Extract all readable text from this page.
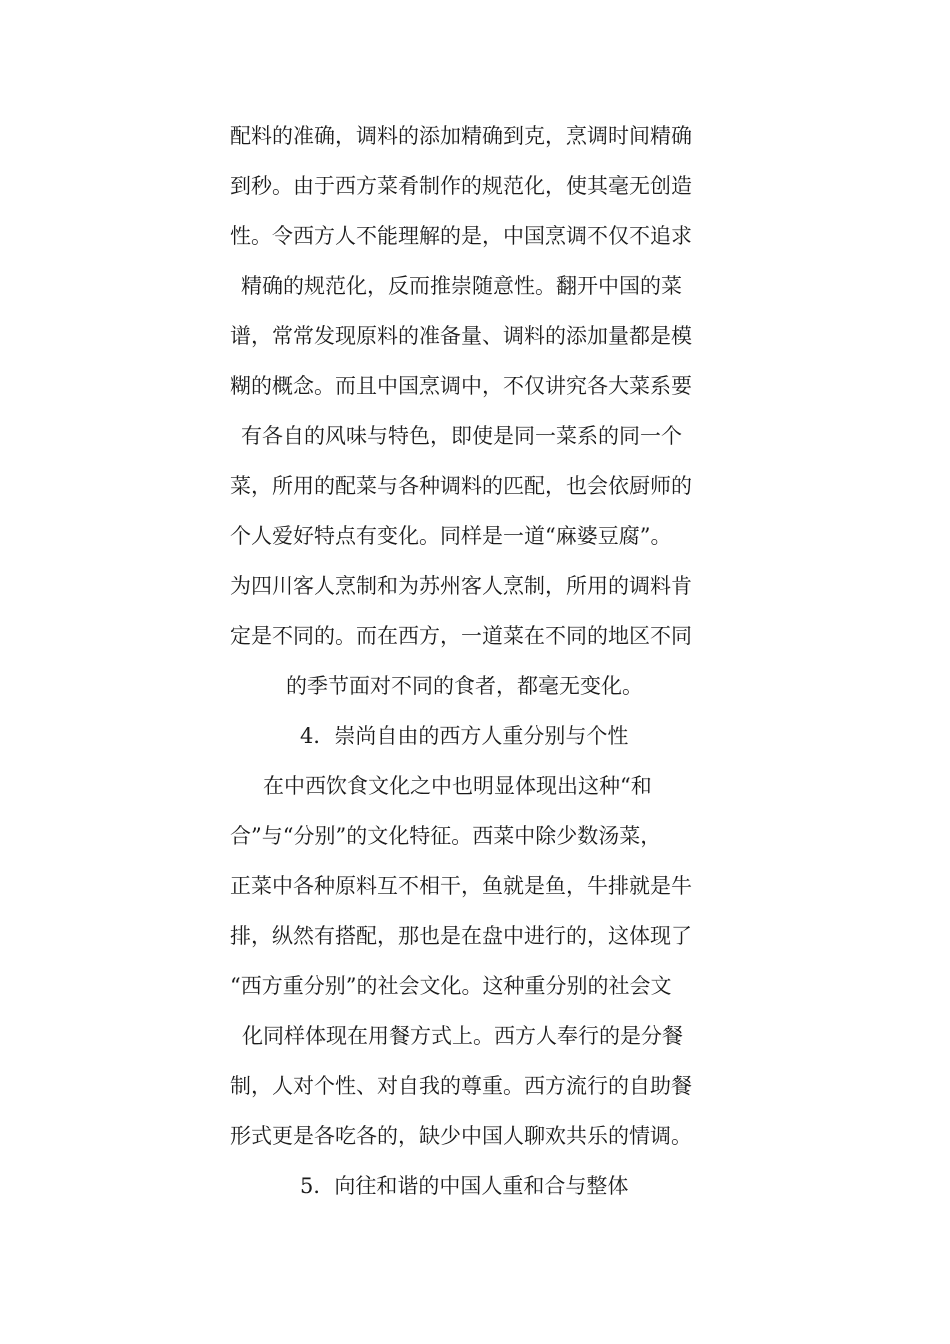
配料的准确，调料的添加精确到克，烹调时间精确
到秒。由于西方菜肴制作的规范化，使其毫无创造
性。令西方人不能理解的是，中国烹调不仅不追求
精确的规范化，反而推崇随意性。翻开中国的菜
谱，常常发现原料的准备量、调料的添加量都是模
糊的概念。而且中国烹调中，不仅讲究各大菜系要
有各自的风味与特色，即使是同一菜系的同一个
菜，所用的配菜与各种调料的匹配，也会依厨师的
个人爱好特点有变化。同样是一道“麻婆豆腐”。
为四川客人烹制和为苏州客人烹制，所用的调料肯
定是不同的。而在西方，一道菜在不同的地区不同
的季节面对不同的食者，都毫无变化。
4．崇尚自由的西方人重分别与个性
在中西饮食文化之中也明显体现出这种“和
合”与“分别”的文化特征。西菜中除少数汤菜，
正菜中各种原料互不相干，鱼就是鱼，牛排就是牛
排，纵然有搭配，那也是在盘中进行的，这体现了
“西方重分别”的社会文化。这种重分别的社会文
化同样体现在用餐方式上。西方人奉行的是分餐
制，人对个性、对自我的尊重。西方流行的自助餐
形式更是各吃各的，缺少中国人聊欢共乐的情调。
5．向往和谐的中国人重和合与整体
